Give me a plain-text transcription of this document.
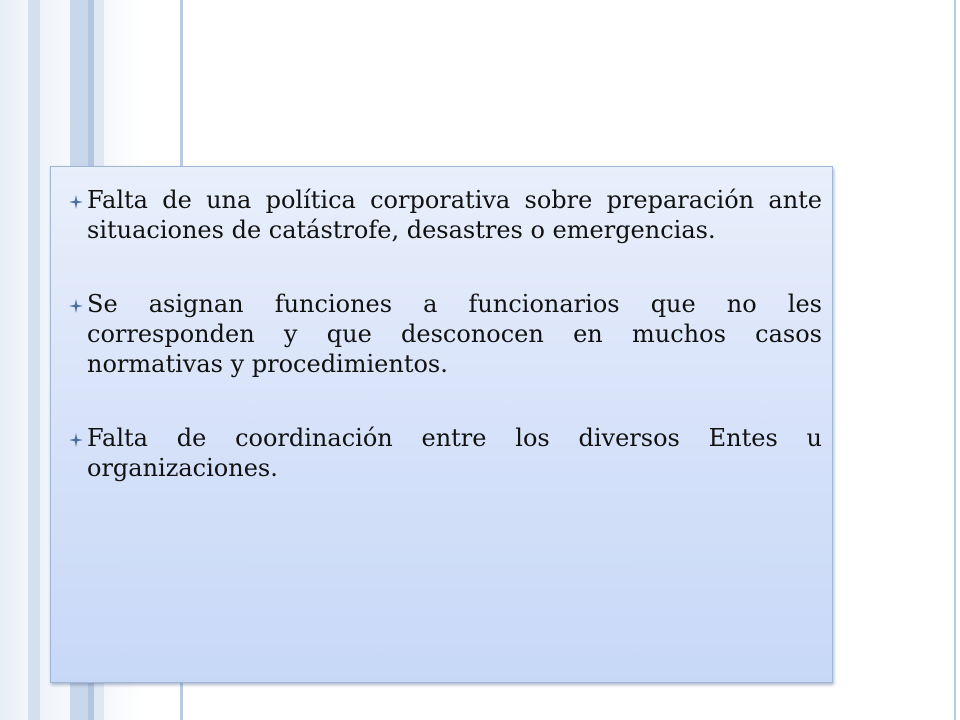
Falta de una política corporativa sobre preparación ante situaciones de catástrofe, desastres o emergencias.
Se asignan funciones a funcionarios que no les corresponden y que desconocen en muchos casos normativas y procedimientos.
Falta de coordinación entre los diversos Entes u organizaciones.
